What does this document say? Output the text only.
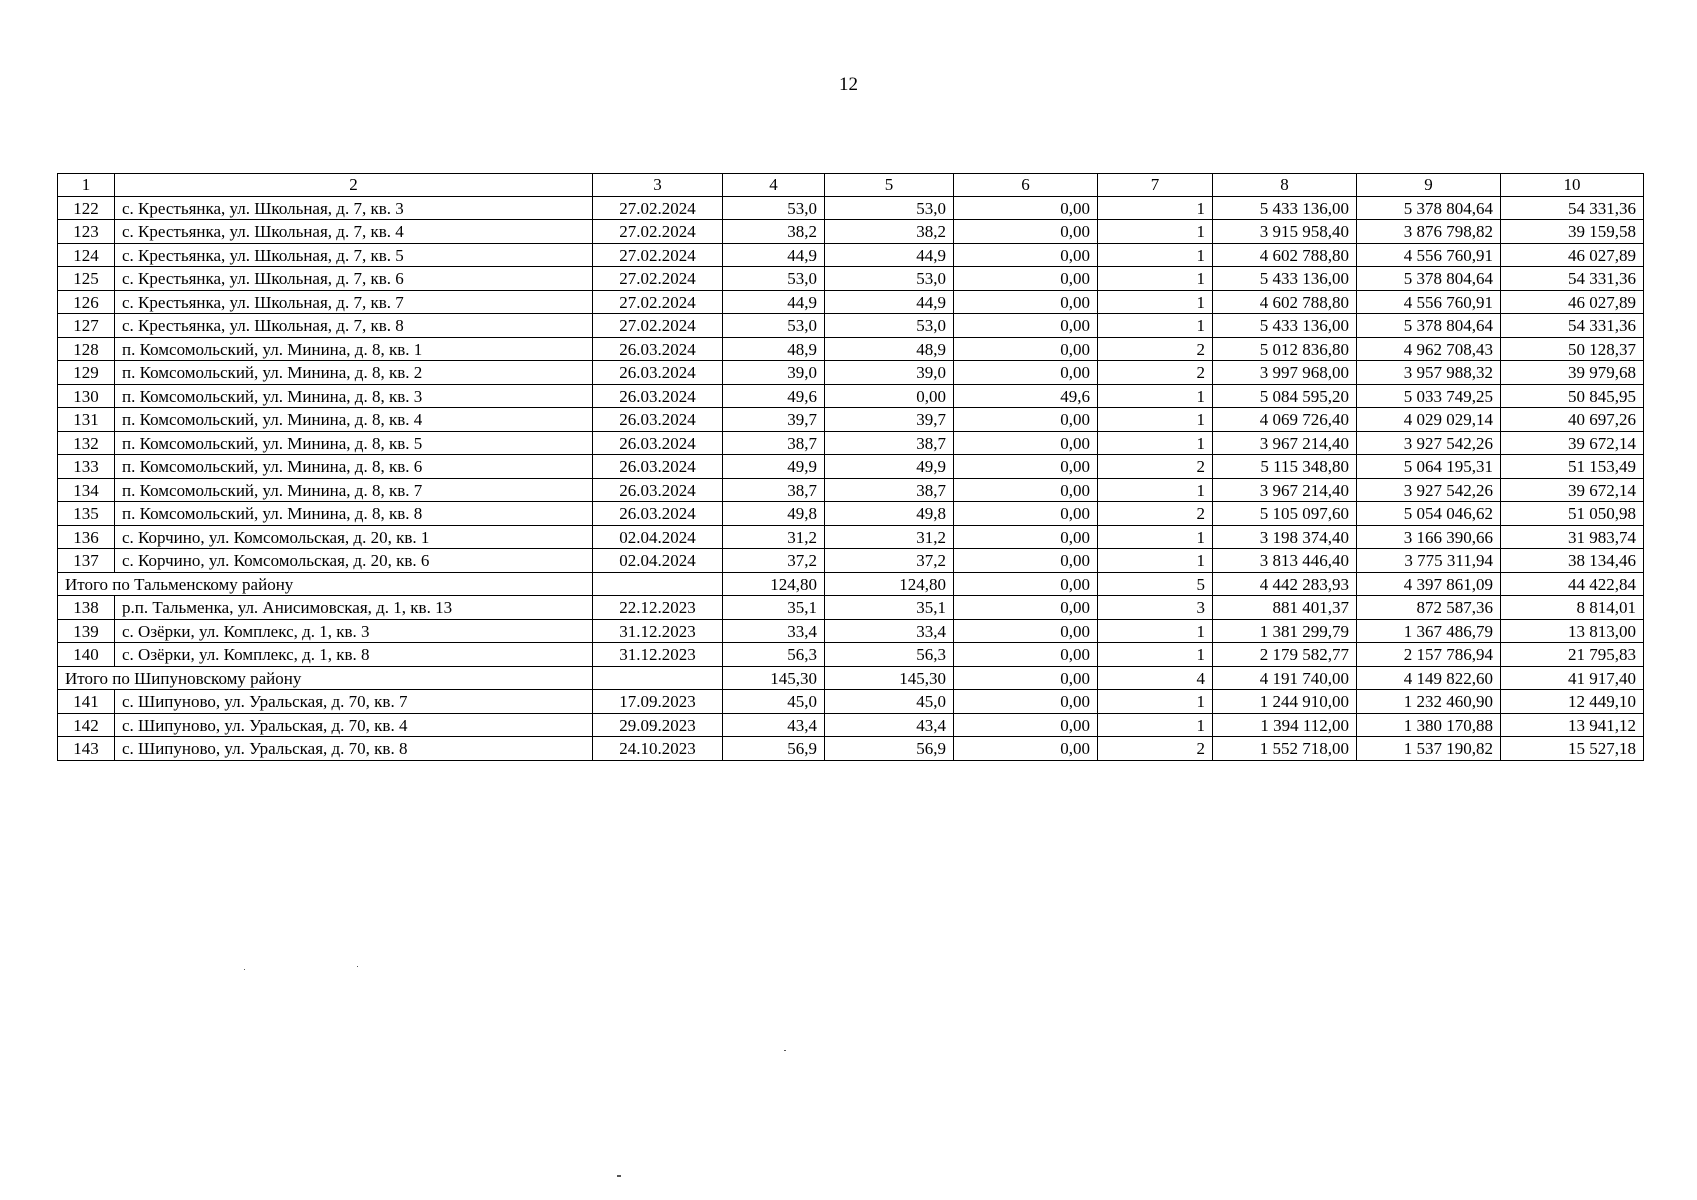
12
1	2	3	4	5	6	7	8	9	10
122	с. Крестьянка, ул. Школьная, д. 7, кв. 3	27.02.2024	53,0	53,0	0,00	1	5 433 136,00	5 378 804,64	54 331,36
123	с. Крестьянка, ул. Школьная, д. 7, кв. 4	27.02.2024	38,2	38,2	0,00	1	3 915 958,40	3 876 798,82	39 159,58
124	с. Крестьянка, ул. Школьная, д. 7, кв. 5	27.02.2024	44,9	44,9	0,00	1	4 602 788,80	4 556 760,91	46 027,89
125	с. Крестьянка, ул. Школьная, д. 7, кв. 6	27.02.2024	53,0	53,0	0,00	1	5 433 136,00	5 378 804,64	54 331,36
126	с. Крестьянка, ул. Школьная, д. 7, кв. 7	27.02.2024	44,9	44,9	0,00	1	4 602 788,80	4 556 760,91	46 027,89
127	с. Крестьянка, ул. Школьная, д. 7, кв. 8	27.02.2024	53,0	53,0	0,00	1	5 433 136,00	5 378 804,64	54 331,36
128	п. Комсомольский, ул. Минина, д. 8, кв. 1	26.03.2024	48,9	48,9	0,00	2	5 012 836,80	4 962 708,43	50 128,37
129	п. Комсомольский, ул. Минина, д. 8, кв. 2	26.03.2024	39,0	39,0	0,00	2	3 997 968,00	3 957 988,32	39 979,68
130	п. Комсомольский, ул. Минина, д. 8, кв. 3	26.03.2024	49,6	0,00	49,6	1	5 084 595,20	5 033 749,25	50 845,95
131	п. Комсомольский, ул. Минина, д. 8, кв. 4	26.03.2024	39,7	39,7	0,00	1	4 069 726,40	4 029 029,14	40 697,26
132	п. Комсомольский, ул. Минина, д. 8, кв. 5	26.03.2024	38,7	38,7	0,00	1	3 967 214,40	3 927 542,26	39 672,14
133	п. Комсомольский, ул. Минина, д. 8, кв. 6	26.03.2024	49,9	49,9	0,00	2	5 115 348,80	5 064 195,31	51 153,49
134	п. Комсомольский, ул. Минина, д. 8, кв. 7	26.03.2024	38,7	38,7	0,00	1	3 967 214,40	3 927 542,26	39 672,14
135	п. Комсомольский, ул. Минина, д. 8, кв. 8	26.03.2024	49,8	49,8	0,00	2	5 105 097,60	5 054 046,62	51 050,98
136	с. Корчино, ул. Комсомольская, д. 20, кв. 1	02.04.2024	31,2	31,2	0,00	1	3 198 374,40	3 166 390,66	31 983,74
137	с. Корчино, ул. Комсомольская, д. 20, кв. 6	02.04.2024	37,2	37,2	0,00	1	3 813 446,40	3 775 311,94	38 134,46
Итого по Тальменскому району			124,80	124,80	0,00	5	4 442 283,93	4 397 861,09	44 422,84
138	р.п. Тальменка, ул. Анисимовская, д. 1, кв. 13	22.12.2023	35,1	35,1	0,00	3	881 401,37	872 587,36	8 814,01
139	с. Озёрки, ул. Комплекс, д. 1, кв. 3	31.12.2023	33,4	33,4	0,00	1	1 381 299,79	1 367 486,79	13 813,00
140	с. Озёрки, ул. Комплекс, д. 1, кв. 8	31.12.2023	56,3	56,3	0,00	1	2 179 582,77	2 157 786,94	21 795,83
Итого по Шипуновскому району			145,30	145,30	0,00	4	4 191 740,00	4 149 822,60	41 917,40
141	с. Шипуново, ул. Уральская, д. 70, кв. 7	17.09.2023	45,0	45,0	0,00	1	1 244 910,00	1 232 460,90	12 449,10
142	с. Шипуново, ул. Уральская, д. 70, кв. 4	29.09.2023	43,4	43,4	0,00	1	1 394 112,00	1 380 170,88	13 941,12
143	с. Шипуново, ул. Уральская, д. 70, кв. 8	24.10.2023	56,9	56,9	0,00	2	1 552 718,00	1 537 190,82	15 527,18
